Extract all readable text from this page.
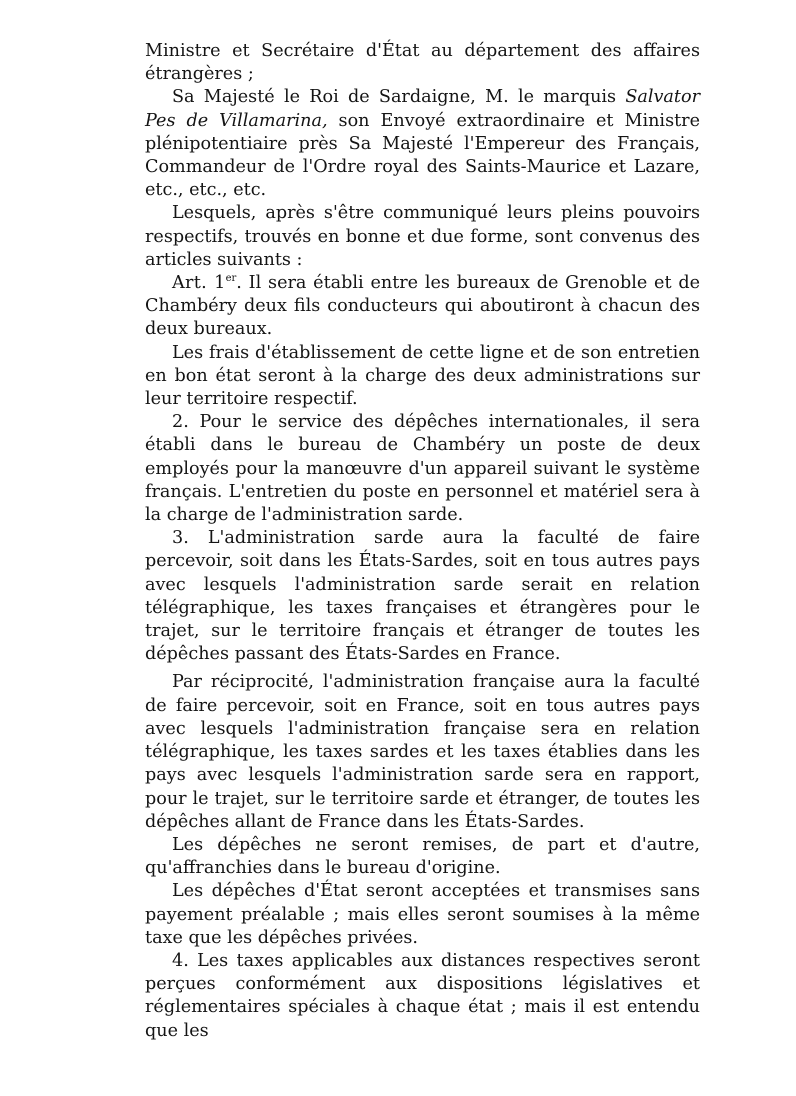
Ministre et Secrétaire d'État au département des affaires étrangères ;

Sa Majesté le Roi de Sardaigne, M. le marquis Salvator Pes de Villamarina, son Envoyé extraordinaire et Ministre plénipotentiaire près Sa Majesté l'Empereur des Français, Commandeur de l'Ordre royal des Saints-Maurice et Lazare, etc., etc., etc.

Lesquels, après s'être communiqué leurs pleins pouvoirs respectifs, trouvés en bonne et due forme, sont convenus des articles suivants :

Art. 1er. Il sera établi entre les bureaux de Grenoble et de Chambéry deux fils conducteurs qui aboutiront à chacun des deux bureaux.

Les frais d'établissement de cette ligne et de son entretien en bon état seront à la charge des deux administrations sur leur territoire respectif.

2. Pour le service des dépêches internationales, il sera établi dans le bureau de Chambéry un poste de deux employés pour la manœuvre d'un appareil suivant le système français. L'entretien du poste en personnel et matériel sera à la charge de l'administration sarde.

3. L'administration sarde aura la faculté de faire percevoir, soit dans les États-Sardes, soit en tous autres pays avec lesquels l'administration sarde serait en relation télégraphique, les taxes françaises et étrangères pour le trajet, sur le territoire français et étranger de toutes les dépêches passant des États-Sardes en France.

Par réciprocité, l'administration française aura la faculté de faire percevoir, soit en France, soit en tous autres pays avec lesquels l'administration française sera en relation télégraphique, les taxes sardes et les taxes établies dans les pays avec lesquels l'administration sarde sera en rapport, pour le trajet, sur le territoire sarde et étranger, de toutes les dépêches allant de France dans les États-Sardes.

Les dépêches ne seront remises, de part et d'autre, qu'affranchies dans le bureau d'origine.

Les dépêches d'État seront acceptées et transmises sans payement préalable ; mais elles seront soumises à la même taxe que les dépêches privées.

4. Les taxes applicables aux distances respectives seront perçues conformément aux dispositions législatives et réglementaires spéciales à chaque état ; mais il est entendu que les
